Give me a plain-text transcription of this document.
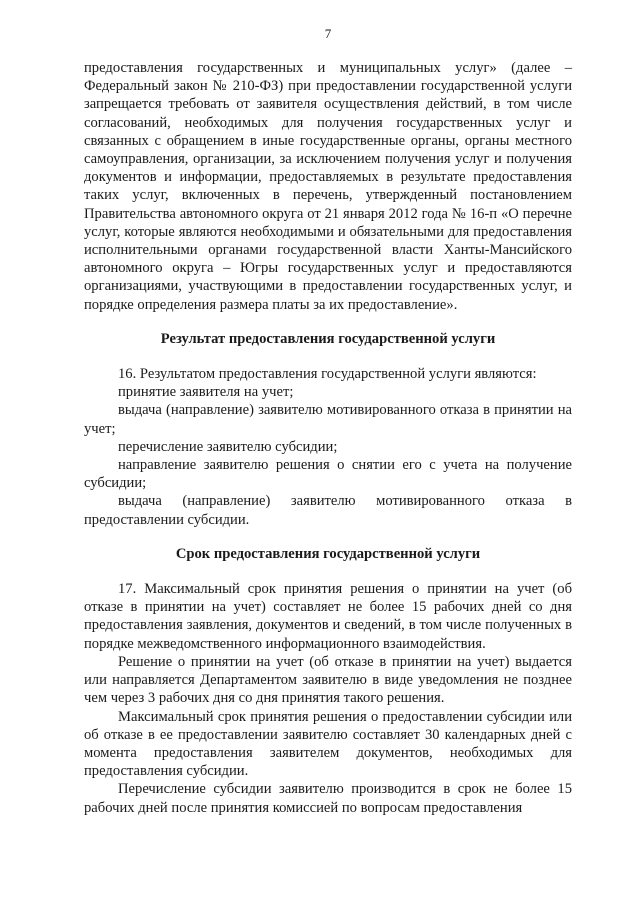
7

предоставления государственных и муниципальных услуг» (далее – Федеральный закон № 210-ФЗ) при предоставлении государственной услуги запрещается требовать от заявителя осуществления действий, в том числе согласований, необходимых для получения государственных услуг и связанных с обращением в иные государственные органы, органы местного самоуправления, организации, за исключением получения услуг и получения документов и информации, предоставляемых в результате предоставления таких услуг, включенных в перечень, утвержденный постановлением Правительства автономного округа от 21 января 2012 года № 16-п «О перечне услуг, которые являются необходимыми и обязательными для предоставления исполнительными органами государственной власти Ханты-Мансийского автономного округа – Югры государственных услуг и предоставляются организациями, участвующими в предоставлении государственных услуг, и порядке определения размера платы за их предоставление».

Результат предоставления государственной услуги

16. Результатом предоставления государственной услуги являются:

принятие заявителя на учет;

выдача (направление) заявителю мотивированного отказа в принятии на учет;

перечисление заявителю субсидии;

направление заявителю решения о снятии его с учета на получение субсидии;

выдача (направление) заявителю мотивированного отказа в предоставлении субсидии.

Срок предоставления государственной услуги

17. Максимальный срок принятия решения о принятии на учет (об отказе в принятии на учет) составляет не более 15 рабочих дней со дня предоставления заявления, документов и сведений, в том числе полученных в порядке межведомственного информационного взаимодействия.

Решение о принятии на учет (об отказе в принятии на учет) выдается или направляется Департаментом заявителю в виде уведомления не позднее чем через 3 рабочих дня со дня принятия такого решения.

Максимальный срок принятия решения о предоставлении субсидии или об отказе в ее предоставлении заявителю составляет 30 календарных дней с момента предоставления заявителем документов, необходимых для предоставления субсидии.

Перечисление субсидии заявителю производится в срок не более 15 рабочих дней после принятия комиссией по вопросам предоставления
